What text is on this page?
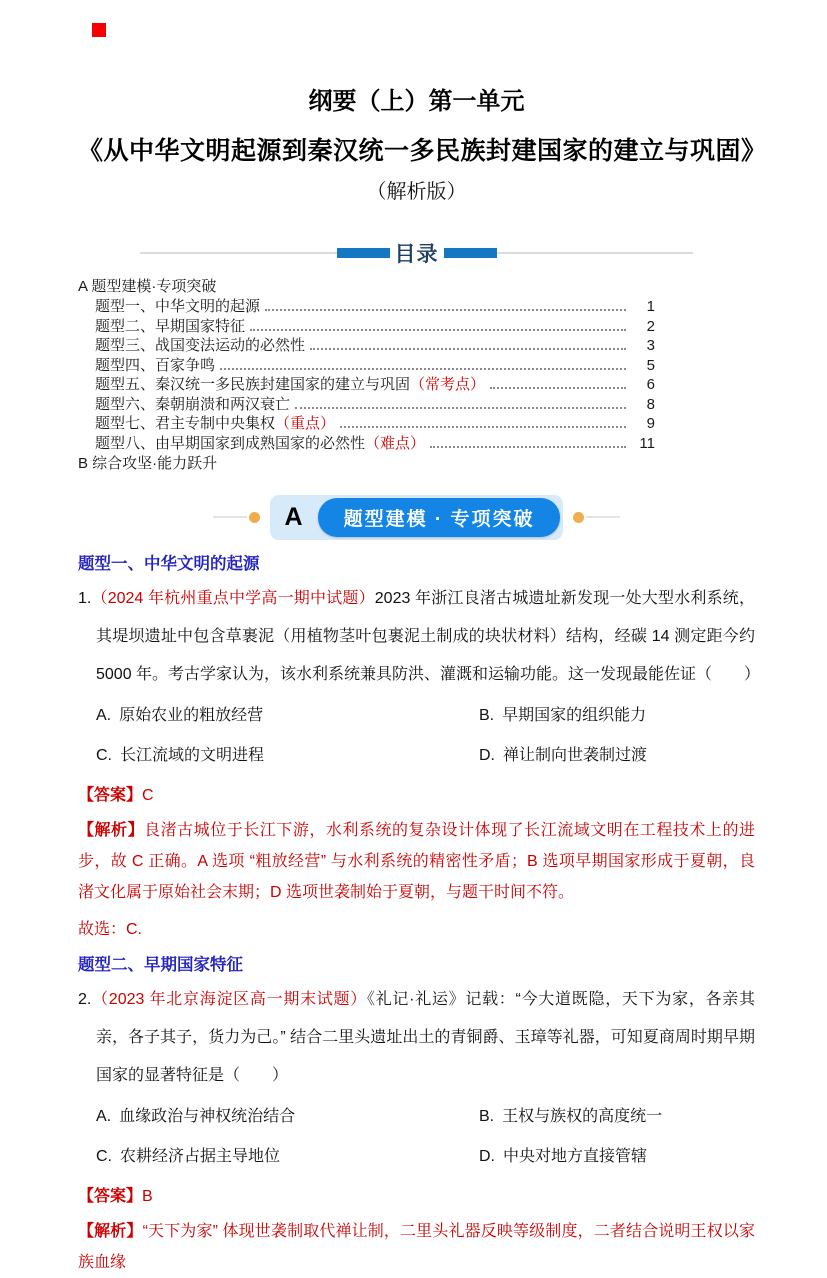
纲要（上）第一单元
《从中华文明起源到秦汉统一多民族封建国家的建立与巩固》
（解析版）
目录
A 题型建模·专项突破
题型一、中华文明的起源	1
题型二、早期国家特征	2
题型三、战国变法运动的必然性	3
题型四、百家争鸣	5
题型五、秦汉统一多民族封建国家的建立与巩固 （常考点）	6
题型六、秦朝崩溃和两汉衰亡	8
题型七、君主专制中央集权 （重点）	9
题型八、由早期国家到成熟国家的必然性 （难点）	11
B 综合攻坚·能力跃升
A	题型建模 · 专项突破
题型一、中华文明的起源
1.（2024 年杭州重点中学高一期中试题）2023 年浙江良渚古城遗址新发现一处大型水利系统，其堤坝遗址中包含草裹泥（用植物茎叶包裹泥土制成的块状材料）结构，经碳 14 测定距今约 5000 年。考古学家认为，该水利系统兼具防洪、灌溉和运输功能。这一发现最能佐证（　　）
A. 原始农业的粗放经营	B. 早期国家的组织能力
C. 长江流域的文明进程	D. 禅让制向世袭制过渡
【答案】C
【解析】良渚古城位于长江下游，水利系统的复杂设计体现了长江流域文明在工程技术上的进步，故 C 正确。A 选项 “粗放经营” 与水利系统的精密性矛盾；B 选项早期国家形成于夏朝，良渚文化属于原始社会末期；D 选项世袭制始于夏朝，与题干时间不符。
故选：C.
题型二、早期国家特征
2.（2023 年北京海淀区高一期末试题）《礼记·礼运》记载：“今大道既隐，天下为家，各亲其亲，各子其子，货力为己。” 结合二里头遗址出土的青铜爵、玉璋等礼器，可知夏商周时期早期国家的显著特征是（　　）
A. 血缘政治与神权统治结合	B. 王权与族权的高度统一
C. 农耕经济占据主导地位	D. 中央对地方直接管辖
【答案】B
【解析】“天下为家” 体现世袭制取代禅让制，二里头礼器反映等级制度，二者结合说明王权以家族血缘
